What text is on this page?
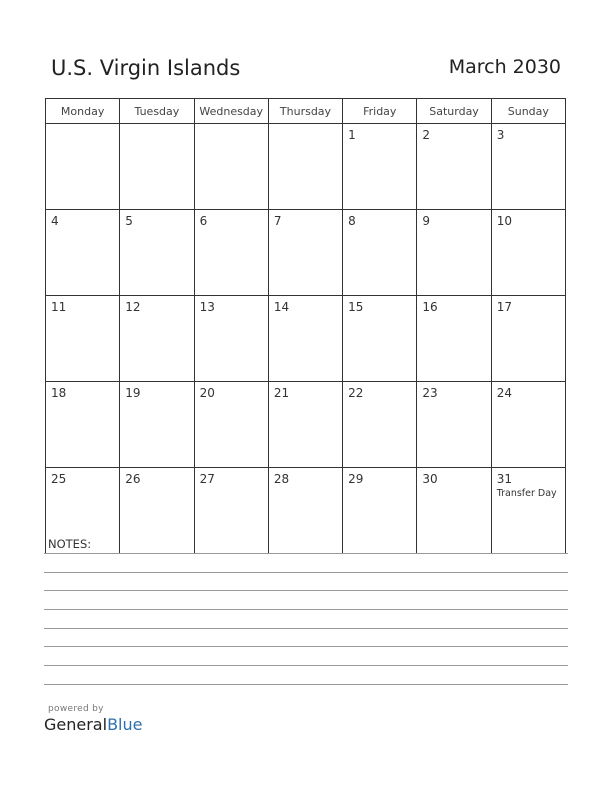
U.S. Virgin Islands	March 2030
Monday	Tuesday	Wednesday	Thursday	Friday	Saturday	Sunday

				1	2	3

4	5	6	7	8	9	10

11	12	13	14	15	16	17

18	19	20	21	22	23	24

25	26	27	28	29	30	31
Transfer Day
NOTES:
powered by
GeneralBlue
